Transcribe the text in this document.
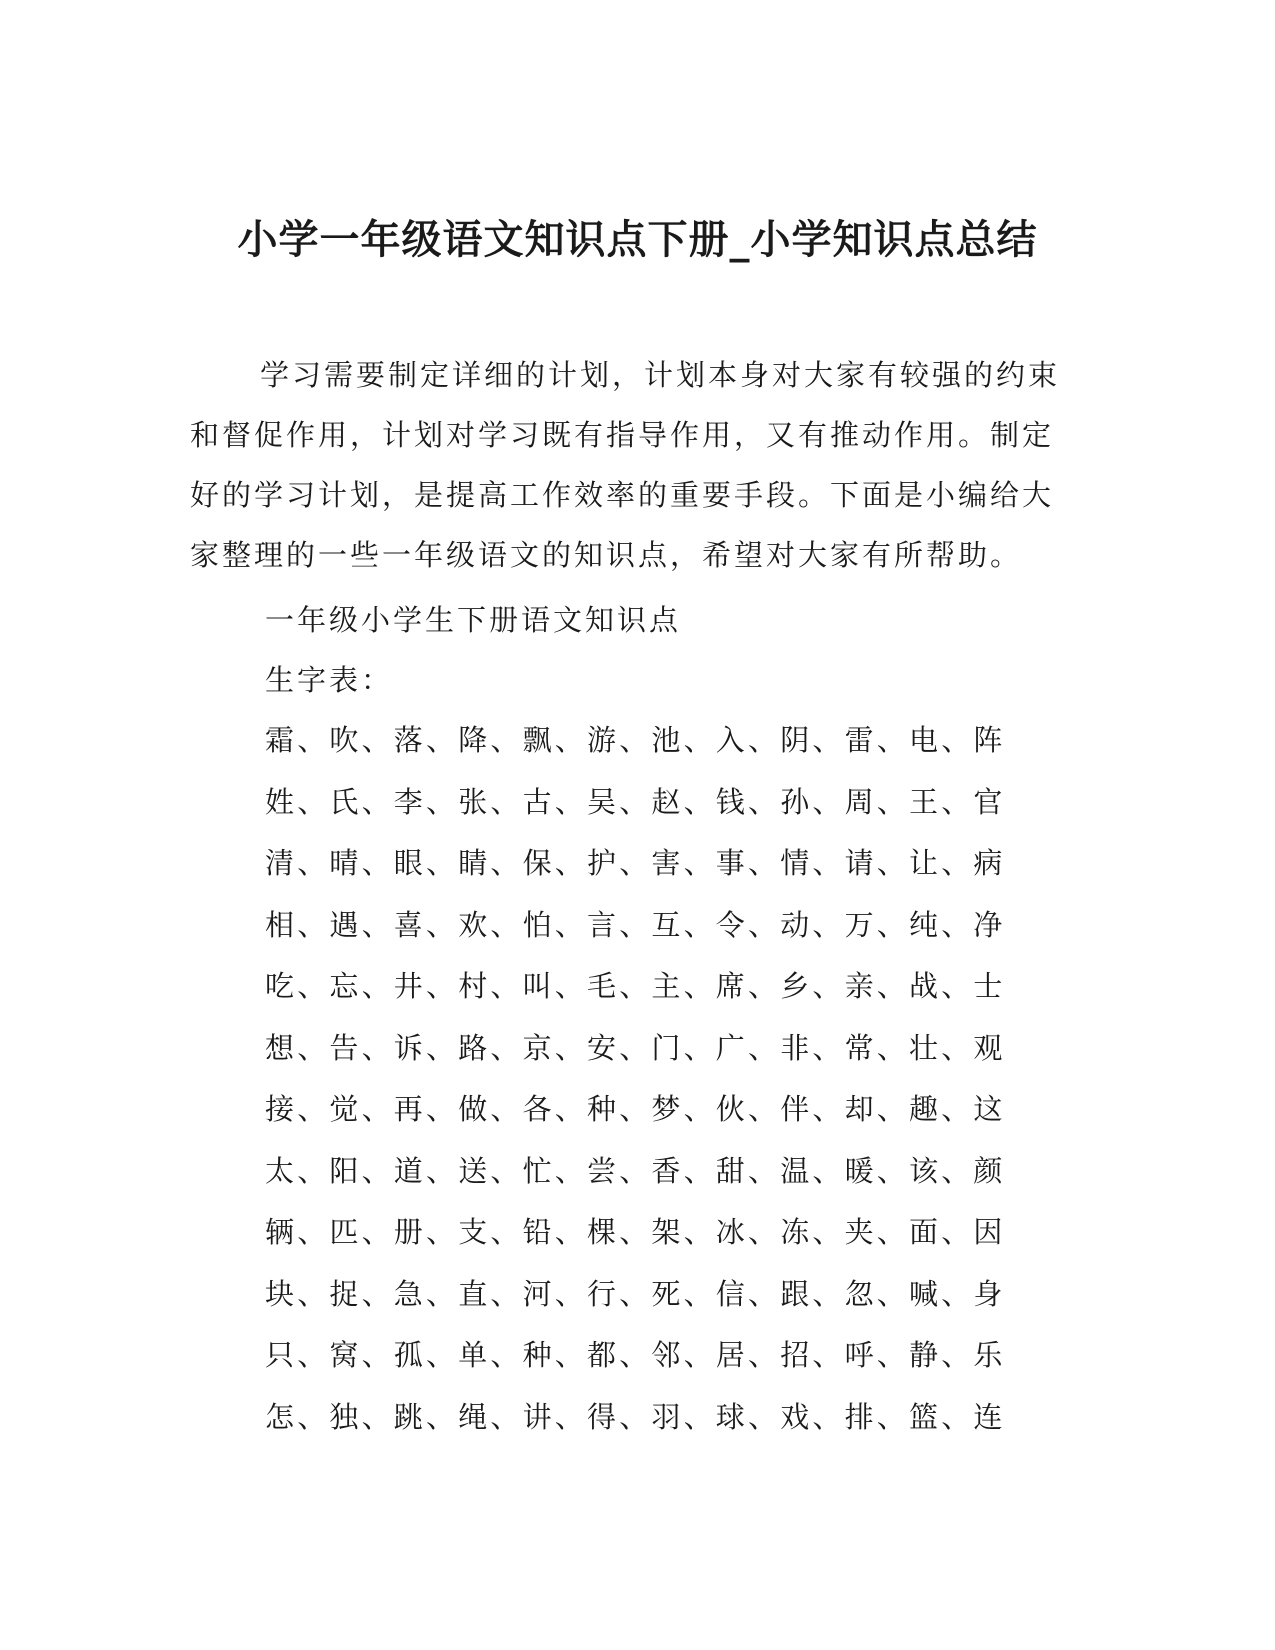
小学一年级语文知识点下册_小学知识点总结

学习需要制定详细的计划，计划本身对大家有较强的约束和督促作用，计划对学习既有指导作用，又有推动作用。制定好的学习计划，是提高工作效率的重要手段。下面是小编给大家整理的一些一年级语文的知识点，希望对大家有所帮助。

一年级小学生下册语文知识点

生字表：

霜、吹、落、降、飘、游、池、入、阴、雷、电、阵
姓、氏、李、张、古、吴、赵、钱、孙、周、王、官
清、晴、眼、睛、保、护、害、事、情、请、让、病
相、遇、喜、欢、怕、言、互、令、动、万、纯、净
吃、忘、井、村、叫、毛、主、席、乡、亲、战、士
想、告、诉、路、京、安、门、广、非、常、壮、观
接、觉、再、做、各、种、梦、伙、伴、却、趣、这
太、阳、道、送、忙、尝、香、甜、温、暖、该、颜
辆、匹、册、支、铅、棵、架、冰、冻、夹、面、因
块、捉、急、直、河、行、死、信、跟、忽、喊、身
只、窝、孤、单、种、都、邻、居、招、呼、静、乐
怎、独、跳、绳、讲、得、羽、球、戏、排、篮、连
